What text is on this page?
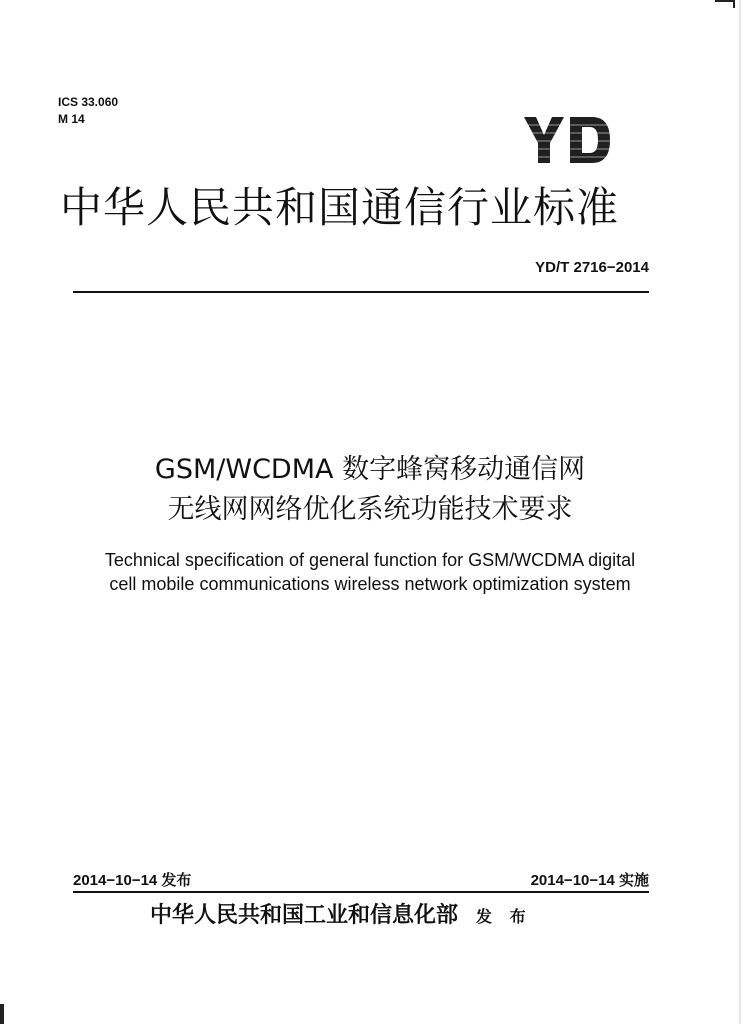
ICS 33.060
M 14
中华人民共和国通信行业标准
YD/T 2716−2014
GSM/WCDMA 数字蜂窝移动通信网
无线网网络优化系统功能技术要求
Technical specification of general function for GSM/WCDMA digital
cell mobile communications wireless network optimization system
2014−10−14 发布	2014−10−14 实施
中华人民共和国工业和信息化部 发 布
